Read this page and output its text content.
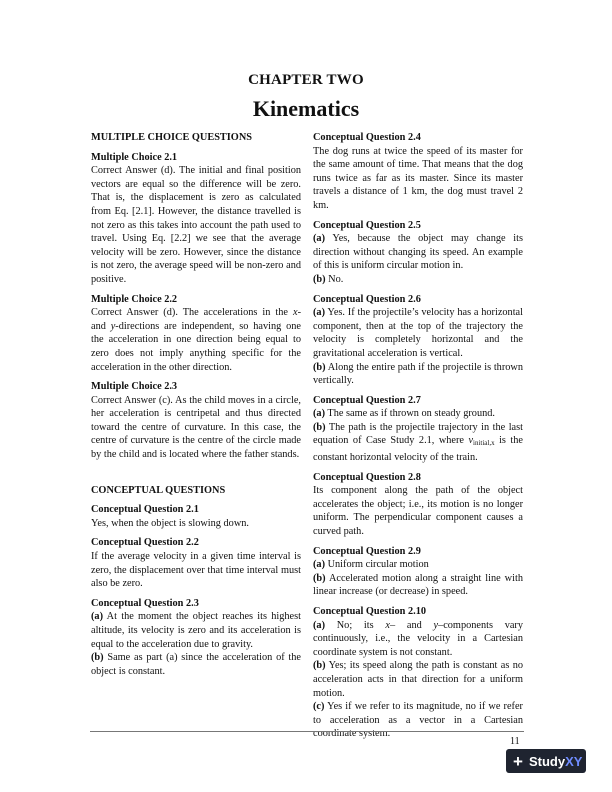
CHAPTER TWO
Kinematics
MULTIPLE CHOICE QUESTIONS
Multiple Choice 2.1
Correct Answer (d). The initial and final position vectors are equal so the difference will be zero. That is, the displacement is zero as calculated from Eq. [2.1]. However, the distance travelled is not zero as this takes into account the path used to travel. Using Eq. [2.2] we see that the average velocity will be zero. However, since the distance is not zero, the average speed will be non-zero and positive.
Multiple Choice 2.2
Correct Answer (d). The accelerations in the x- and y-directions are independent, so having one the acceleration in one direction being equal to zero does not imply anything specific for the acceleration in the other direction.
Multiple Choice 2.3
Correct Answer (c). As the child moves in a circle, her acceleration is centripetal and thus directed toward the centre of curvature. In this case, the centre of curvature is the centre of the circle made by the child and is located where the father stands.
CONCEPTUAL QUESTIONS
Conceptual Question 2.1
Yes, when the object is slowing down.
Conceptual Question 2.2
If the average velocity in a given time interval is zero, the displacement over that time interval must also be zero.
Conceptual Question 2.3

(a) At the moment the object reaches its highest altitude, its velocity is zero and its acceleration is equal to the acceleration due to gravity.

(b) Same as part (a) since the acceleration of the object is constant.

Conceptual Question 2.4
The dog runs at twice the speed of its master for the same amount of time. That means that the dog runs twice as far as its master. Since its master travels a distance of 1 km, the dog must travel 2 km.
Conceptual Question 2.5

(a) Yes, because the object may change its direction without changing its speed. An example of this is uniform circular motion in.

(b) No.

Conceptual Question 2.6

(a) Yes. If the projectile’s velocity has a horizontal component, then at the top of the trajectory the velocity is completely horizontal and the gravitational acceleration is vertical.

(b) Along the entire path if the projectile is thrown vertically.

Conceptual Question 2.7

(a) The same as if thrown on steady ground.

(b) The path is the projectile trajectory in the last equation of Case Study 2.1, where $v_{initial,x}$ is the constant horizontal velocity of the train.

Conceptual Question 2.8
Its component along the path of the object accelerates the object; i.e., its motion is no longer uniform. The perpendicular component causes a curved path.
Conceptual Question 2.9

(a) Uniform circular motion

(b) Accelerated motion along a straight line with linear increase (or decrease) in speed.

Conceptual Question 2.10

(a) No; its x– and y–components vary continuously, i.e., the velocity in a Cartesian coordinate system is not constant.

(b) Yes; its speed along the path is constant as no acceleration acts in that direction for a uniform motion.

(c) Yes if we refer to its magnitude, no if we refer to acceleration as a vector in a Cartesian coordinate system.

11
+ Study XY
